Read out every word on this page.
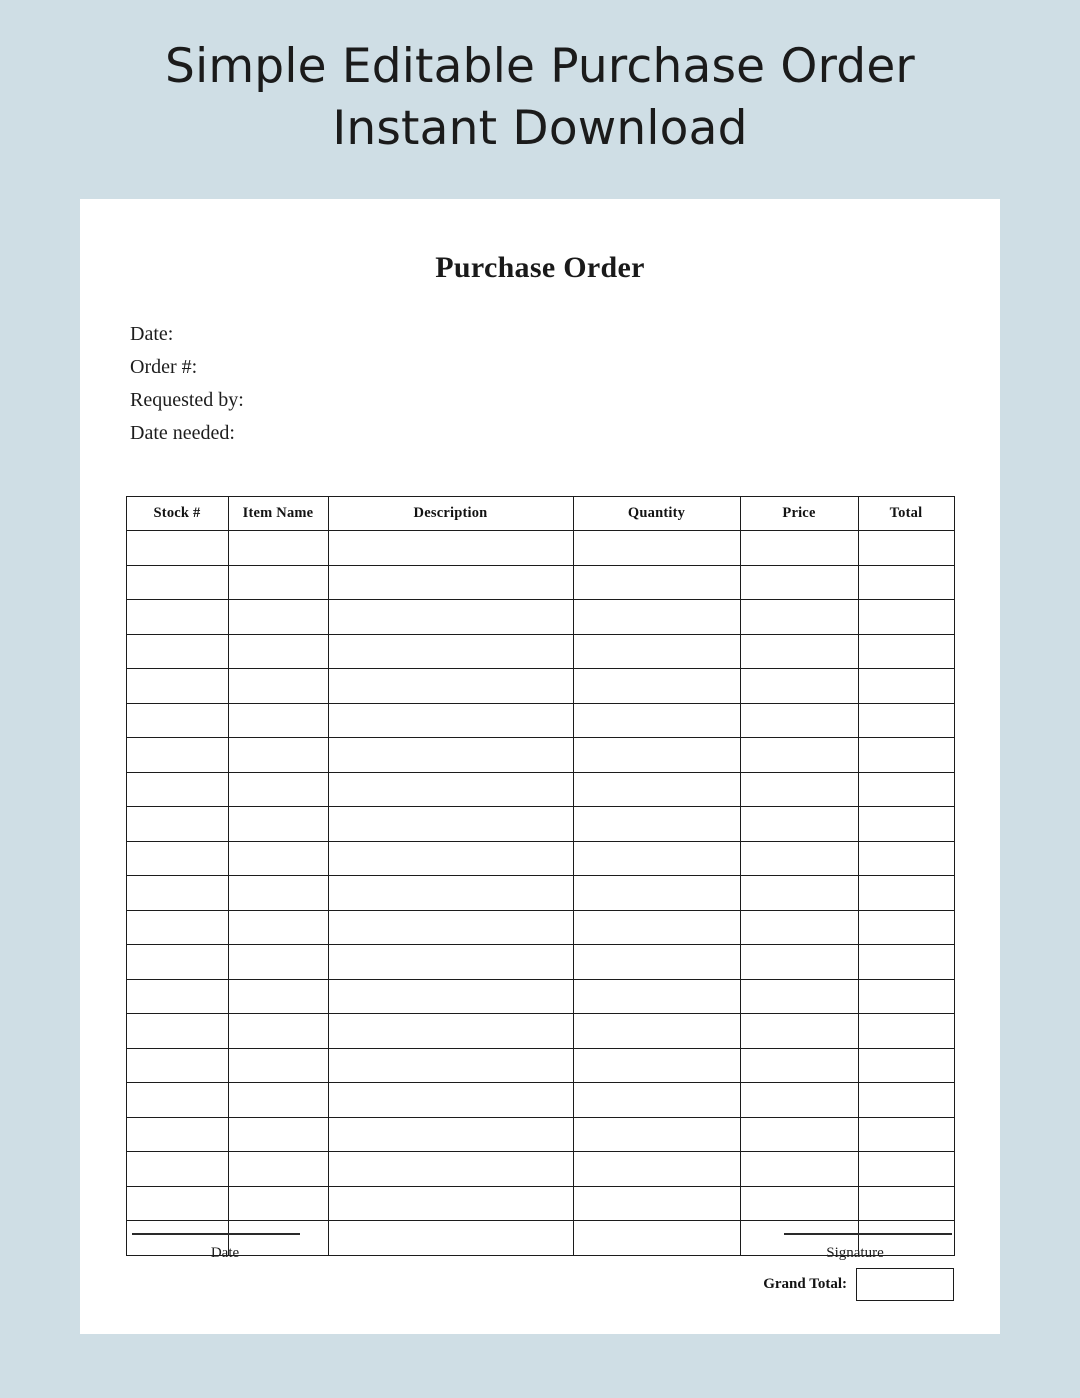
Simple Editable Purchase Order
Instant Download
Purchase Order
Date:
Order #:
Requested by:
Date needed:
Stock #	Item Name	Description	Quantity	Price	Total

Grand Total:
Date	Signature
